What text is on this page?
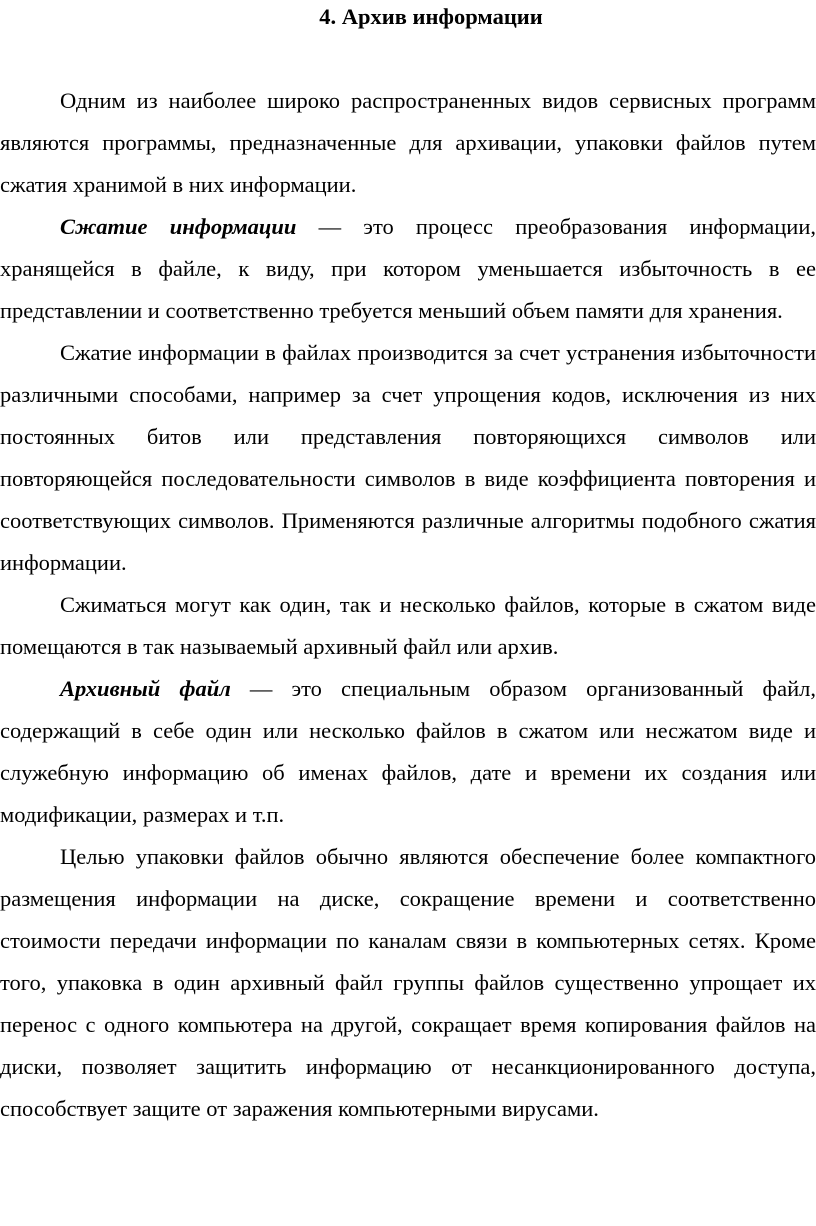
4. Архив информации

Одним из наиболее широко распространенных видов сервисных программ являются программы, предназначенные для архивации, упаковки файлов путем сжатия хранимой в них информации.

Сжатие информации — это процесс преобразования информации, хранящейся в файле, к виду, при котором уменьшается избыточность в ее представлении и соответственно требуется меньший объем памяти для хранения.

Сжатие информации в файлах производится за счет устранения избыточности различными способами, например за счет упрощения кодов, исключения из них постоянных битов или представления повторяющихся символов или повторяющейся последовательности символов в виде коэффициента повторения и соответствующих символов. Применяются различные алгоритмы подобного сжатия информации.

Сжиматься могут как один, так и несколько файлов, которые в сжатом виде помещаются в так называемый архивный файл или архив.

Архивный файл — это специальным образом организованный файл, содержащий в себе один или несколько файлов в сжатом или несжатом виде и служебную информацию об именах файлов, дате и времени их создания или модификации, размерах и т.п.

Целью упаковки файлов обычно являются обеспечение более компактного размещения информации на диске, сокращение времени и соответственно стоимости передачи информации по каналам связи в компьютерных сетях. Кроме того, упаковка в один архивный файл группы файлов существенно упрощает их перенос с одного компьютера на другой, сокращает время копирования файлов на диски, позволяет защитить информацию от несанкционированного доступа, способствует защите от заражения компьютерными вирусами.
